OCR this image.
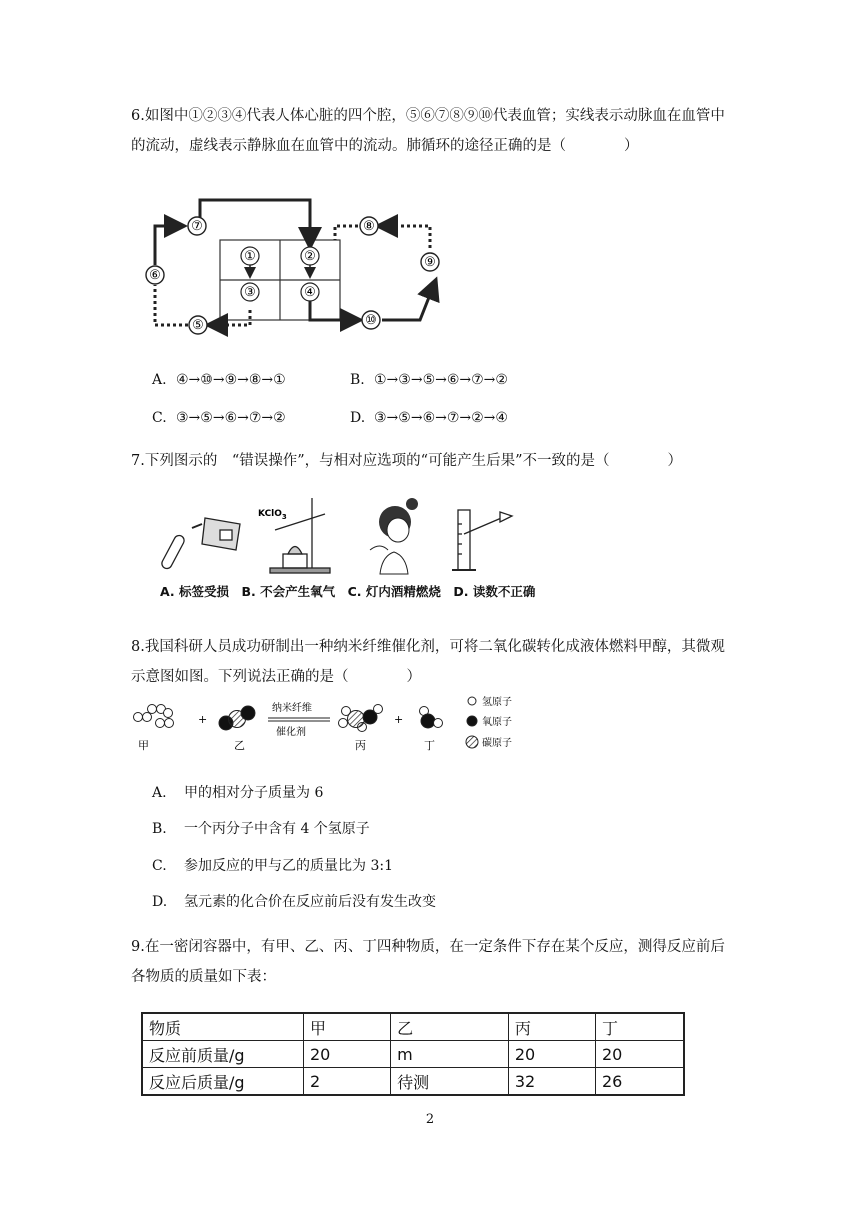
6.如图中①②③④代表人体心脏的四个腔，⑤⑥⑦⑧⑨⑩代表血管；实线表示动脉血在血管中的流动，虚线表示静脉血在血管中的流动。肺循环的途径正确的是（　　　　）
⑦
①	②
③	④
⑤
⑥
⑧
⑨
⑩
A. ④→⑩→⑨→⑧→①	B. ①→③→⑤→⑥→⑦→②
C. ③→⑤→⑥→⑦→②	D. ③→⑤→⑥→⑦→②→④
7.下列图示的　“错误操作”，与相对应选项的“可能产生后果”不一致的是（　　　　）
KClO$_3$
A. 标签受损　B. 不会产生氧气　C. 灯内酒精燃烧　D. 读数不正确
8.我国科研人员成功研制出一种纳米纤维催化剂，可将二氧化碳转化成液体燃料甲醇，其微观示意图如图。下列说法正确的是（　　　　）
+
甲	乙
纳米纤维
催化剂
丙
+
丁
氢原子
氧原子
碳原子
A. 甲的相对分子质量为 6
B. 一个丙分子中含有 4 个氢原子
C. 参加反应的甲与乙的质量比为 3:1
D. 氢元素的化合价在反应前后没有发生改变
9.在一密闭容器中，有甲、乙、丙、丁四种物质，在一定条件下存在某个反应，测得反应前后各物质的质量如下表：
物质	甲	乙	丙	丁
反应前质量/g	20	m	20	20
反应后质量/g	2	待测	32	26
2
